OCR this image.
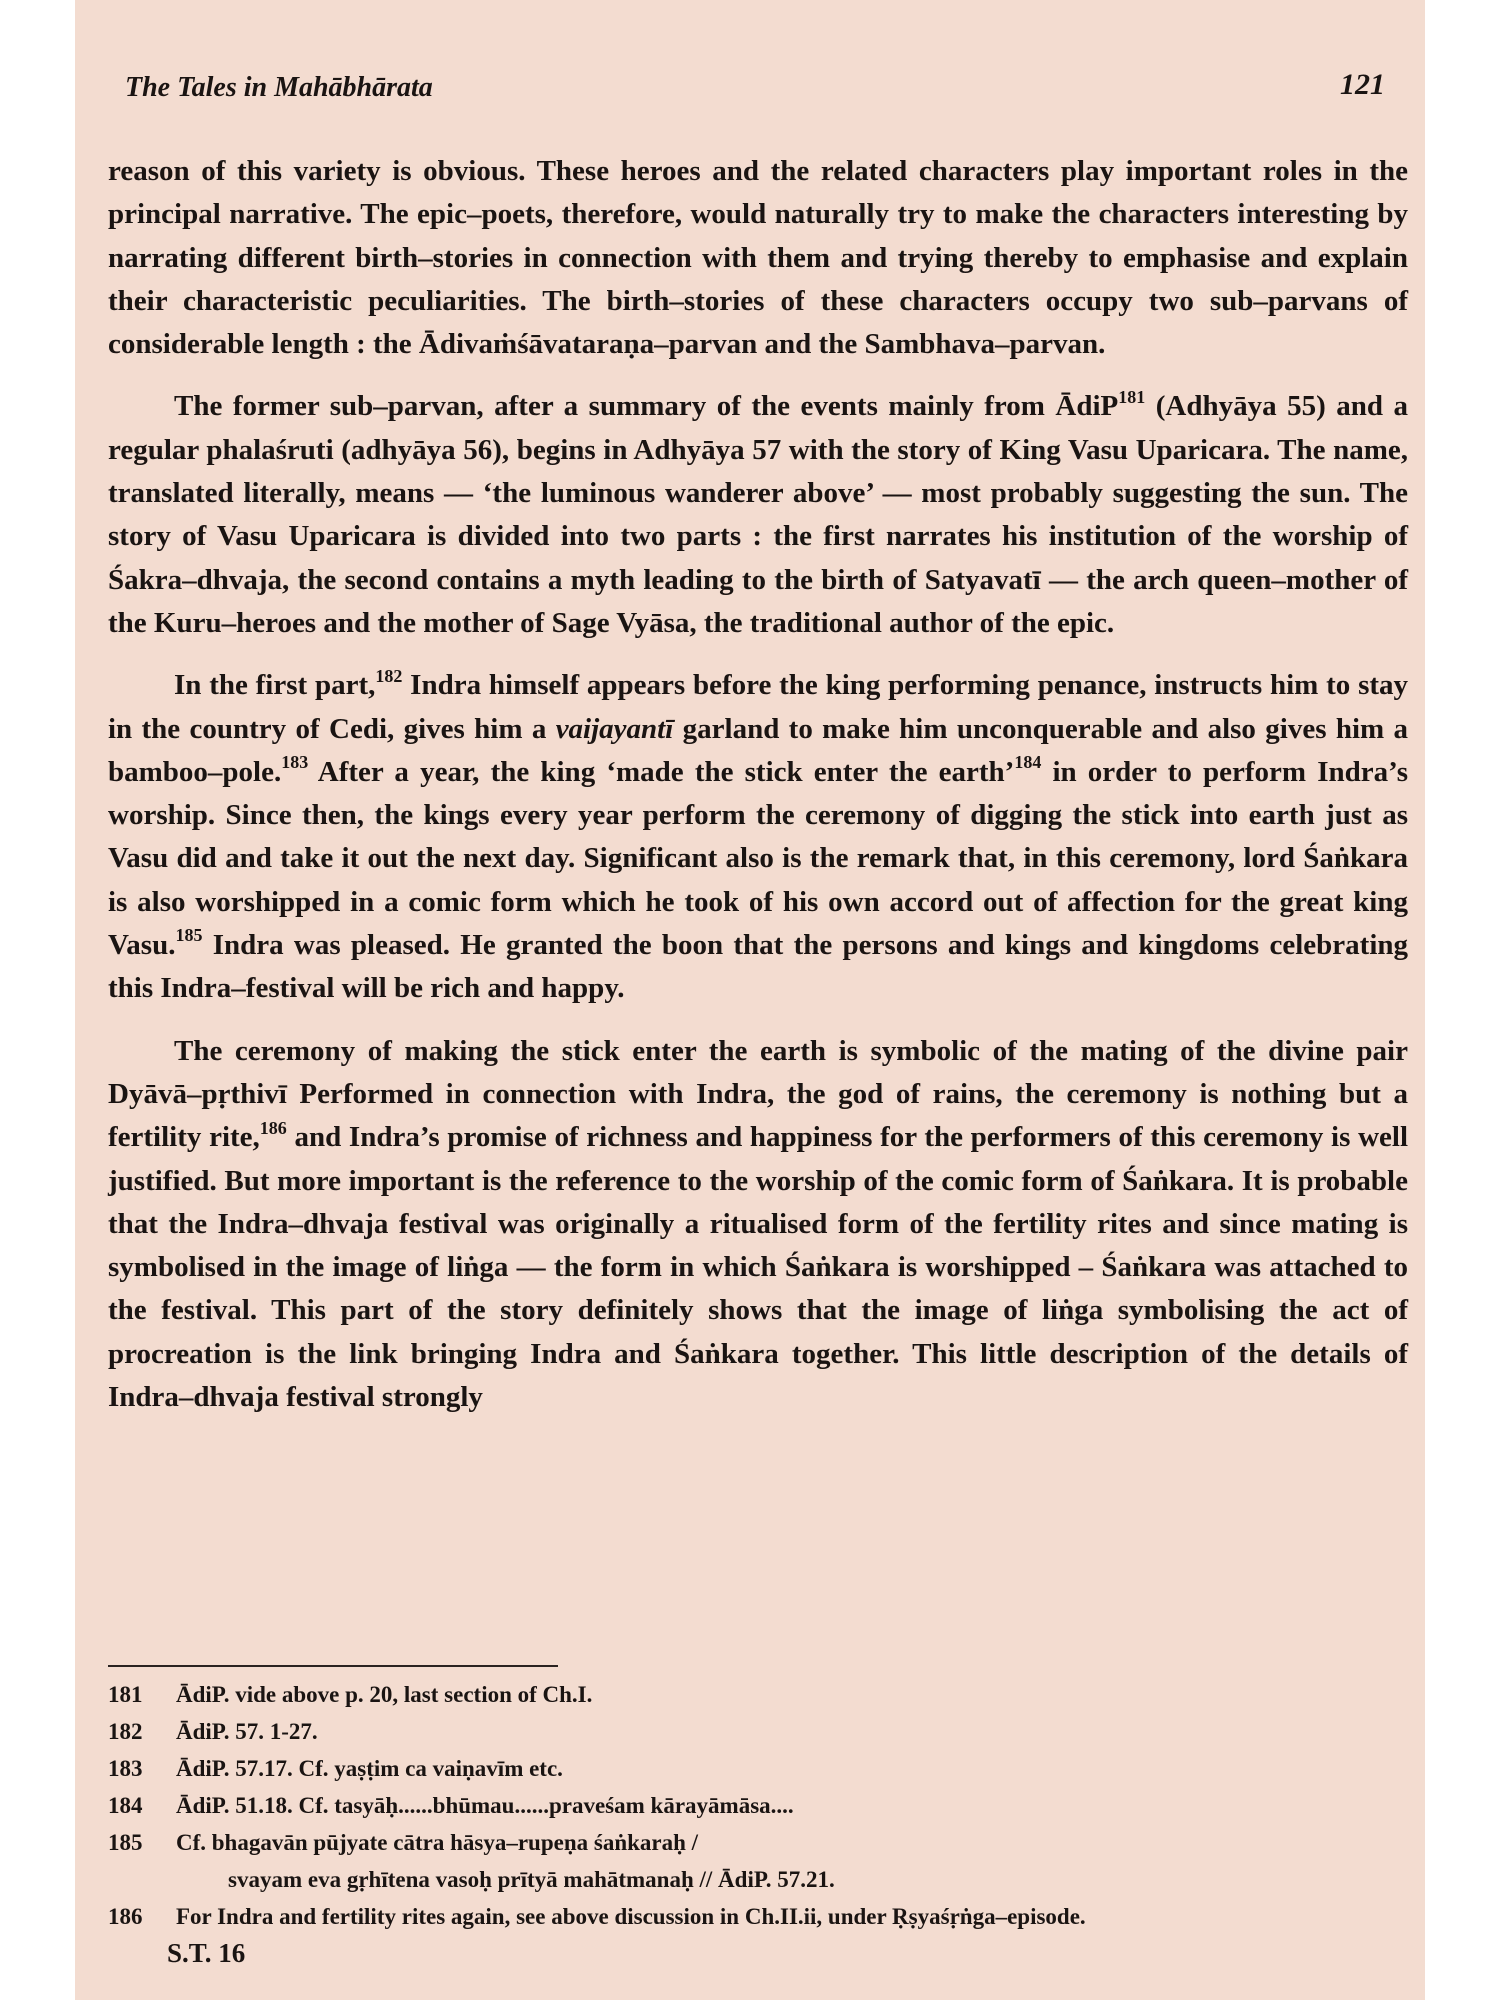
The Tales in Mahābhārata	121

reason of this variety is obvious. These heroes and the related characters play important roles in the principal narrative. The epic–poets, therefore, would naturally try to make the characters interesting by narrating different birth–stories in connection with them and trying thereby to emphasise and explain their characteristic peculiarities. The birth–stories of these characters occupy two sub–parvans of considerable length : the Ādivaṁśāvataraṇa–parvan and the Sambhava–parvan.

The former sub–parvan, after a summary of the events mainly from ĀdiP$^{181}$ (Adhyāya 55) and a regular phalaśruti (adhyāya 56), begins in Adhyāya 57 with the story of King Vasu Uparicara. The name, translated literally, means — ‘the luminous wanderer above’ — most probably suggesting the sun. The story of Vasu Uparicara is divided into two parts : the first narrates his institution of the worship of Śakra–dhvaja, the second contains a myth leading to the birth of Satyavatī — the arch queen–mother of the Kuru–heroes and the mother of Sage Vyāsa, the traditional author of the epic.

In the first part,$^{182}$ Indra himself appears before the king performing penance, instructs him to stay in the country of Cedi, gives him a vaijayantī garland to make him unconquerable and also gives him a bamboo–pole.$^{183}$ After a year, the king ‘made the stick enter the earth’$^{184}$ in order to perform Indra’s worship. Since then, the kings every year perform the ceremony of digging the stick into earth just as Vasu did and take it out the next day. Significant also is the remark that, in this ceremony, lord Śaṅkara is also worshipped in a comic form which he took of his own accord out of affection for the great king Vasu.$^{185}$ Indra was pleased. He granted the boon that the persons and kings and kingdoms celebrating this Indra–festival will be rich and happy.

The ceremony of making the stick enter the earth is symbolic of the mating of the divine pair Dyāvā–pṛthivī Performed in connection with Indra, the god of rains, the ceremony is nothing but a fertility rite,$^{186}$ and Indra’s promise of richness and happiness for the performers of this ceremony is well justified. But more important is the reference to the worship of the comic form of Śaṅkara. It is probable that the Indra–dhvaja festival was originally a ritualised form of the fertility rites and since mating is symbolised in the image of liṅga — the form in which Śaṅkara is worshipped – Śaṅkara was attached to the festival. This part of the story definitely shows that the image of liṅga symbolising the act of procreation is the link bringing Indra and Śaṅkara together. This little description of the details of Indra–dhvaja festival strongly

181 ĀdiP. vide above p. 20, last section of Ch.I.
182 ĀdiP. 57. 1-27.
183 ĀdiP. 57.17. Cf. yaṣṭim ca vaiṇavīm etc.
184 ĀdiP. 51.18. Cf. tasyāḥ......bhūmau......praveśam kārayāmāsa....
185 Cf. bhagavān pūjyate cātra hāsya–rupeṇa śaṅkaraḥ /
svayam eva gṛhītena vasoḥ prītyā mahātmanaḥ // ĀdiP. 57.21.
186 For Indra and fertility rites again, see above discussion in Ch.II.ii, under Ṛṣyaśṛṅga–episode.
S.T. 16
